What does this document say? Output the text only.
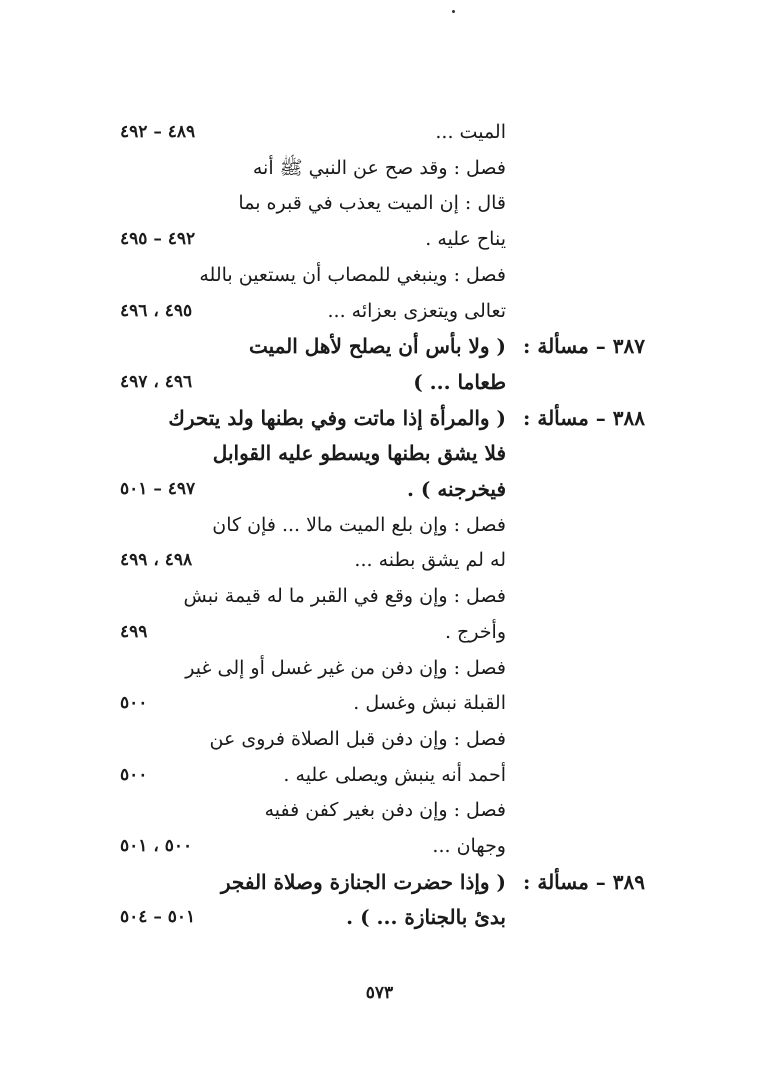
الميت ...
٤٨٩ – ٤٩٢
فصل : وقد صح عن النبي ﷺ أنه
قال : إن الميت يعذب في قبره بما
يناح عليه .
٤٩٢ – ٤٩٥
فصل : وينبغي للمصاب أن يستعين بالله
تعالى ويتعزى بعزائه ...
٤٩٥ ، ٤٩٦
٣٨٧ – مسألة :
( ولا بأس أن يصلح لأهل الميت
طعاما ... )
٤٩٦ ، ٤٩٧
٣٨٨ – مسألة :
( والمرأة إذا ماتت وفي بطنها ولد يتحرك
فلا يشق بطنها ويسطو عليه القوابل
فيخرجنه ) .
٤٩٧ – ٥٠١
فصل : وإن بلع الميت مالا ... فإن كان
له لم يشق بطنه ...
٤٩٨ ، ٤٩٩
فصل : وإن وقع في القبر ما له قيمة نبش
وأخرج .
٤٩٩
فصل : وإن دفن من غير غسل أو إلى غير
القبلة نبش وغسل .
٥٠٠
فصل : وإن دفن قبل الصلاة فروى عن
أحمد أنه ينبش ويصلى عليه .
٥٠٠
فصل : وإن دفن بغير كفن ففيه
وجهان ...
٥٠٠ ، ٥٠١
٣٨٩ – مسألة :
( وإذا حضرت الجنازة وصلاة الفجر
بدئ بالجنازة ... ) .
٥٠١ – ٥٠٤
٥٧٣
